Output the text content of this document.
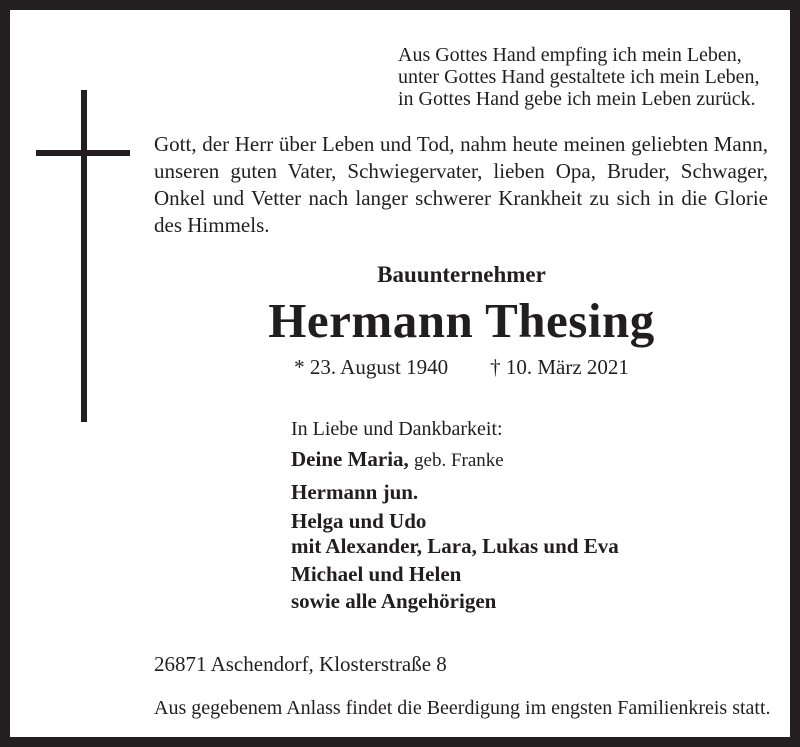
Aus Gottes Hand empfing ich mein Leben,
unter Gottes Hand gestaltete ich mein Leben,
in Gottes Hand gebe ich mein Leben zurück.
Gott, der Herr über Leben und Tod, nahm heute meinen geliebten Mann, unseren guten Vater, Schwiegervater, lieben Opa, Bruder, Schwager, Onkel und Vetter nach langer schwerer Krankheit zu sich in die Glorie des Himmels.
Bauunternehmer
Hermann Thesing
* 23. August 1940 † 10. März 2021
In Liebe und Dankbarkeit:
Deine Maria, geb. Franke
Hermann jun.
Helga und Udo
mit Alexander, Lara, Lukas und Eva
Michael und Helen
sowie alle Angehörigen
26871 Aschendorf, Klosterstraße 8
Aus gegebenem Anlass findet die Beerdigung im engsten Familienkreis statt.
